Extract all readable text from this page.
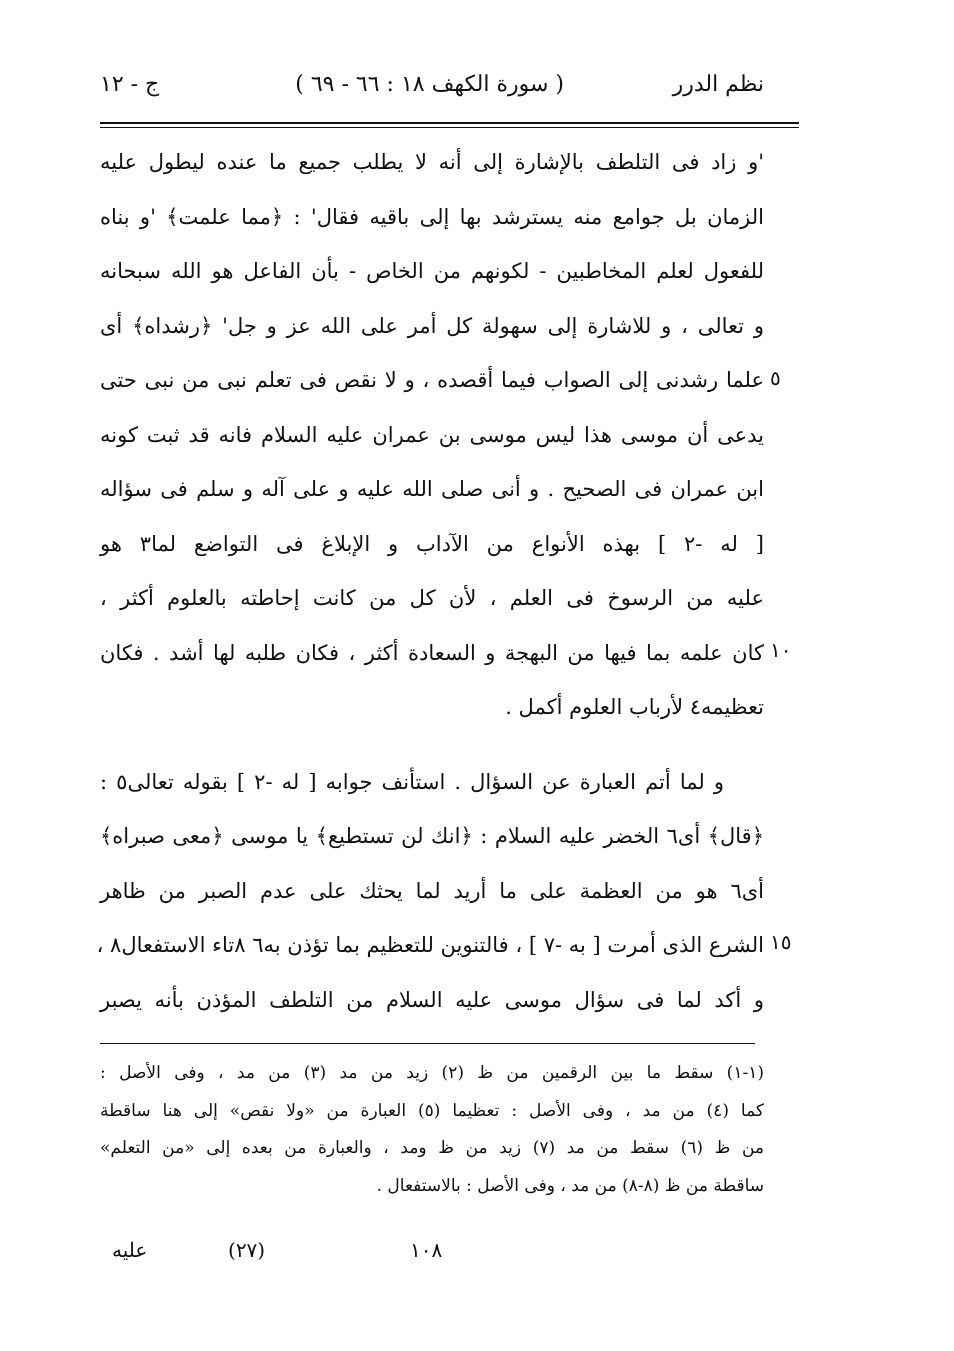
نظم الدرر
( سورة الكهف ١٨ : ٦٦ - ٦٩ )
ج - ١٢
'و زاد فى التلطف بالإشارة إلى أنه لا يطلب جميع ما عنده ليطول عليه
الزمان بل جوامع منه يسترشد بها إلى باقيه فقال' : ﴿مما علمت﴾ 'و بناه
للفعول لعلم المخاطبين - لكونهم من الخاص - بأن الفاعل هو الله سبحانه
و تعالى ، و للاشارة إلى سهولة كل أمر على الله عز و جل' ﴿رشداه﴾ أى
علما رشدنى إلى الصواب فيما أقصده ، و لا نقص فى تعلم نبى من نبى حتى
يدعى أن موسى هذا ليس موسى بن عمران عليه السلام فانه قد ثبت كونه
ابن عمران فى الصحيح . و أنى صلى الله عليه و على آله و سلم فى سؤاله
[ له -٢ ] بهذه الأنواع من الآداب و الإبلاغ فى التواضع لما٣ هو
عليه من الرسوخ فى العلم ، لأن كل من كانت إحاطته بالعلوم أكثر ،
كان علمه بما فيها من البهجة و السعادة أكثر ، فكان طلبه لها أشد . فكان
تعظيمه٤ لأرباب العلوم أكمل .
و لما أتم العبارة عن السؤال . استأنف جوابه [ له -٢ ] بقوله تعالى٥ :
﴿قال﴾ أى٦ الخضر عليه السلام : ﴿انك لن تستطيع﴾ يا موسى ﴿معى صبراه﴾
أى٦ هو من العظمة على ما أريد لما يحثك على عدم الصبر من ظاهر
الشرع الذى أمرت [ به -٧ ] ، فالتنوين للتعظيم بما تؤذن به٦ ٨تاء الاستفعال٨ ،
و أكد لما فى سؤال موسى عليه السلام من التلطف المؤذن بأنه يصبر
٥
١٠
١٥
(١-١) سقط ما بين الرقمين من ظ (٢) زيد من مد (٣) من مد ، وفى الأصل :
كما (٤) من مد ، وفى الأصل : تعظيما (٥) العبارة من «ولا نقص» إلى هنا ساقطة
من ظ (٦) سقط من مد (٧) زيد من ظ ومد ، والعبارة من بعده إلى «من التعلم»
ساقطة من ظ (٨-٨) من مد ، وفى الأصل : بالاستفعال .
عليه	(٢٧)	١٠٨
